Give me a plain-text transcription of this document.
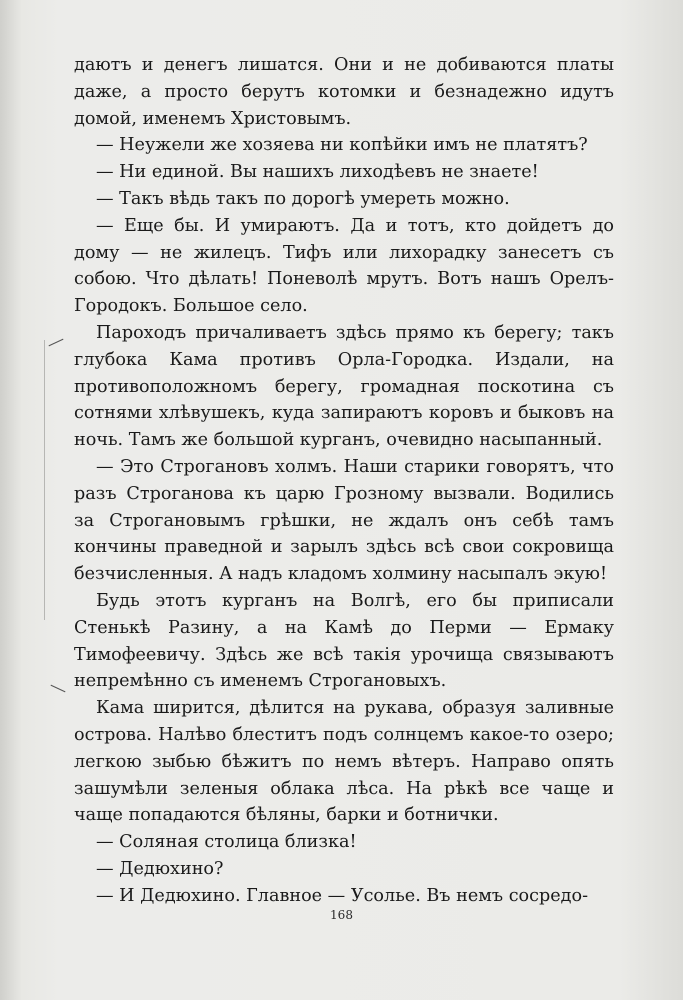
даютъ и денегъ лишатся. Они и не добиваются платы даже, а просто берутъ котомки и безнадежно идутъ домой, именемъ Христовымъ.

— Неужели же хозяева ни копѣйки имъ не платятъ?

— Ни единой. Вы нашихъ лиходѣевъ не знаете!

— Такъ вѣдь такъ по дорогѣ умереть можно.

— Еще бы. И умираютъ. Да и тотъ, кто дойдетъ до дому — не жилецъ. Тифъ или лихорадку занесетъ съ собою. Что дѣлать! Поневолѣ мрутъ. Вотъ нашъ Орелъ-Городокъ. Большое село.

Пароходъ причаливаетъ здѣсь прямо къ берегу; такъ глубока Кама противъ Орла-Городка. Издали, на противоположномъ берегу, громадная поскотина съ сотнями хлѣвушекъ, куда запираютъ коровъ и быковъ на ночь. Тамъ же большой курганъ, очевидно насыпанный.

— Это Строгановъ холмъ. Наши старики говорятъ, что разъ Строганова къ царю Грозному вызвали. Водились за Строгановымъ грѣшки, не ждалъ онъ себѣ тамъ кончины праведной и зарылъ здѣсь всѣ свои сокровища безчисленныя. А надъ кладомъ холмину насыпалъ экую!

Будь этотъ курганъ на Волгѣ, его бы приписали Стенькѣ Разину, а на Камѣ до Перми — Ермаку Тимофеевичу. Здѣсь же всѣ такія урочища связываютъ непремѣнно съ именемъ Строгановыхъ.

Кама ширится, дѣлится на рукава, образуя заливные острова. Налѣво блеститъ подъ солнцемъ какое-то озеро; легкою зыбью бѣжитъ по немъ вѣтеръ. Направо опять зашумѣли зеленыя облака лѣса. На рѣкѣ все чаще и чаще попадаются бѣляны, барки и ботнички.

— Соляная столица близка!

— Дедюхино?

— И Дедюхино. Главное — Усолье. Въ немъ сосредо-

168
